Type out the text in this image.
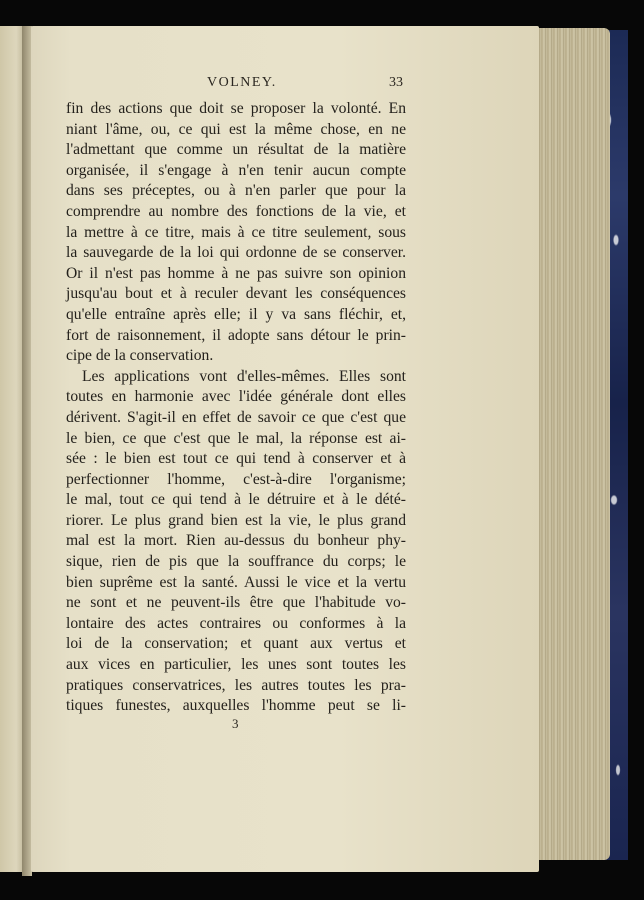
VOLNEY.	33
fin des actions que doit se proposer la volonté. En
niant l'âme, ou, ce qui est la même chose, en ne
l'admettant que comme un résultat de la matière
organisée, il s'engage à n'en tenir aucun compte
dans ses préceptes, ou à n'en parler que pour la
comprendre au nombre des fonctions de la vie, et
la mettre à ce titre, mais à ce titre seulement, sous
la sauvegarde de la loi qui ordonne de se conserver.
Or il n'est pas homme à ne pas suivre son opinion
jusqu'au bout et à reculer devant les conséquences
qu'elle entraîne après elle; il y va sans fléchir, et,
fort de raisonnement, il adopte sans détour le prin-
cipe de la conservation.
Les applications vont d'elles-mêmes. Elles sont
toutes en harmonie avec l'idée générale dont elles
dérivent. S'agit-il en effet de savoir ce que c'est que
le bien, ce que c'est que le mal, la réponse est ai-
sée : le bien est tout ce qui tend à conserver et à
perfectionner l'homme, c'est-à-dire l'organisme;
le mal, tout ce qui tend à le détruire et à le dété-
riorer. Le plus grand bien est la vie, le plus grand
mal est la mort. Rien au-dessus du bonheur phy-
sique, rien de pis que la souffrance du corps; le
bien suprême est la santé. Aussi le vice et la vertu
ne sont et ne peuvent-ils être que l'habitude vo-
lontaire des actes contraires ou conformes à la
loi de la conservation; et quant aux vertus et
aux vices en particulier, les unes sont toutes les
pratiques conservatrices, les autres toutes les pra-
tiques funestes, auxquelles l'homme peut se li-
3
